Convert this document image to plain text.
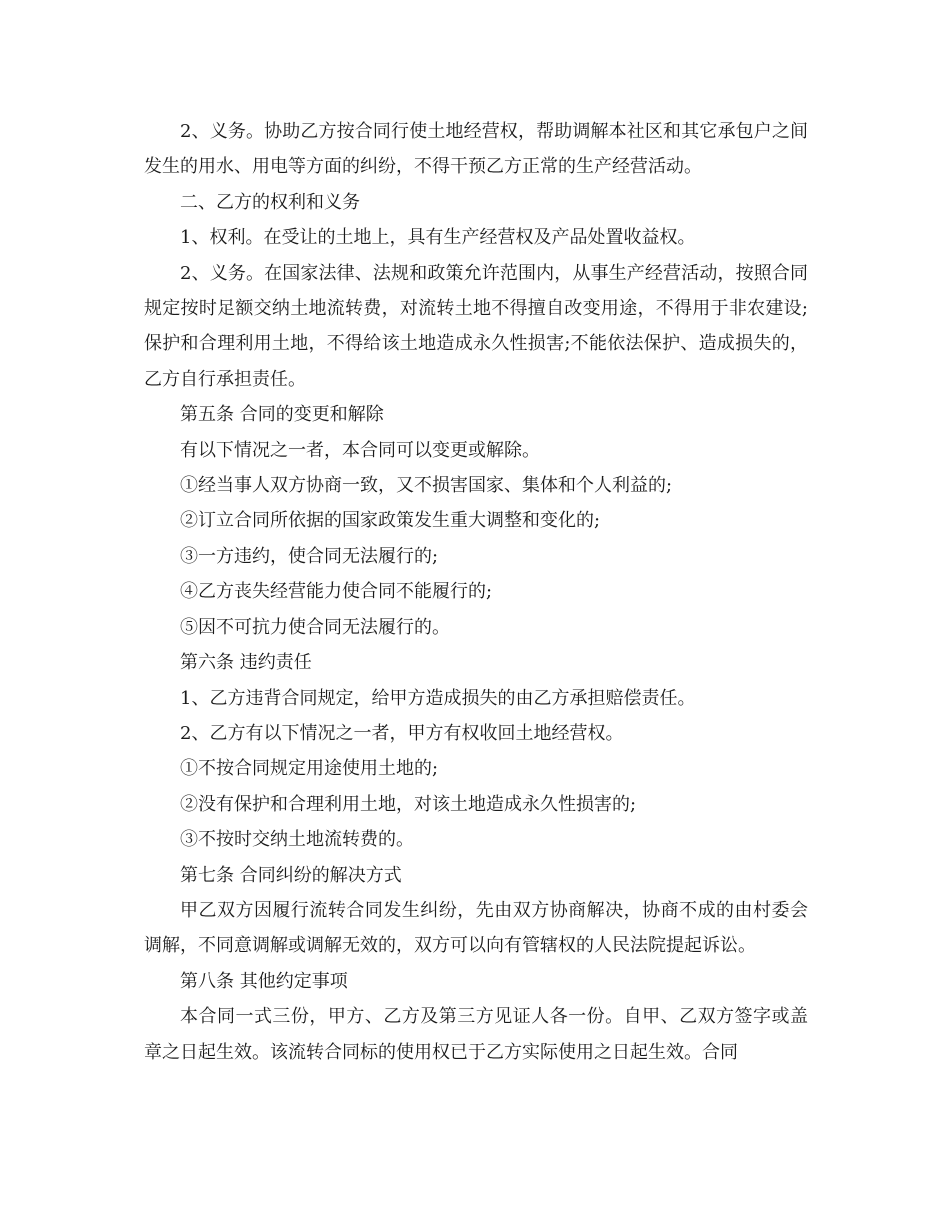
2、义务。协助乙方按合同行使土地经营权，帮助调解本社区和其它承包户之间发生的用水、用电等方面的纠纷，不得干预乙方正常的生产经营活动。

二、乙方的权利和义务

1、权利。在受让的土地上，具有生产经营权及产品处置收益权。

2、义务。在国家法律、法规和政策允许范围内，从事生产经营活动，按照合同规定按时足额交纳土地流转费，对流转土地不得擅自改变用途，不得用于非农建设;保护和合理利用土地，不得给该土地造成永久性损害;不能依法保护、造成损失的，乙方自行承担责任。

第五条 合同的变更和解除

有以下情况之一者，本合同可以变更或解除。

①经当事人双方协商一致，又不损害国家、集体和个人利益的;

②订立合同所依据的国家政策发生重大调整和变化的;

③一方违约，使合同无法履行的;

④乙方丧失经营能力使合同不能履行的;

⑤因不可抗力使合同无法履行的。

第六条 违约责任

1、乙方违背合同规定，给甲方造成损失的由乙方承担赔偿责任。

2、乙方有以下情况之一者，甲方有权收回土地经营权。

①不按合同规定用途使用土地的;

②没有保护和合理利用土地，对该土地造成永久性损害的;

③不按时交纳土地流转费的。

第七条 合同纠纷的解决方式

甲乙双方因履行流转合同发生纠纷，先由双方协商解决，协商不成的由村委会调解，不同意调解或调解无效的，双方可以向有管辖权的人民法院提起诉讼。

第八条 其他约定事项

本合同一式三份，甲方、乙方及第三方见证人各一份。自甲、乙双方签字或盖章之日起生效。该流转合同标的使用权已于乙方实际使用之日起生效。合同
